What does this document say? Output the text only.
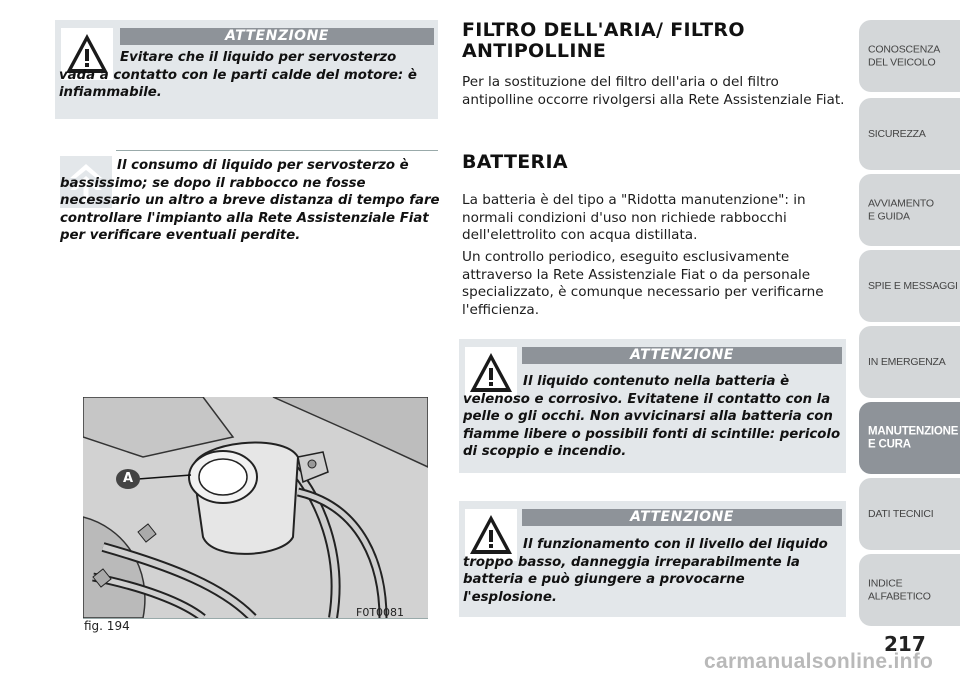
ATTENZIONE
Evitare che il liquido per servosterzo vada a contatto con le parti calde del motore: è infiammabile.
Il consumo di liquido per servosterzo è bassissimo; se dopo il rabbocco ne fosse necessario un altro a breve distanza di tempo fare controllare l'impianto alla Rete Assistenziale Fiat per verificare eventuali perdite.
A
fig. 194
F0T0081
FILTRO DELL'ARIA/ FILTRO ANTIPOLLINE
Per la sostituzione del filtro dell'aria o del filtro antipolline occorre rivolgersi alla Rete Assistenziale Fiat.
BATTERIA
La batteria è del tipo a "Ridotta manutenzione": in normali condizioni d'uso non richiede rabbocchi dell'elettrolito con acqua distillata.
Un controllo periodico, eseguito esclusivamente attraverso la Rete Assistenziale Fiat o da personale specializzato, è comunque necessario per verificarne l'efficienza.
ATTENZIONE
Il liquido contenuto nella batteria è velenoso e corrosivo. Evitatene il contatto con la pelle o gli occhi. Non avvicinarsi alla batteria con fiamme libere o possibili fonti di scintille: pericolo di scoppio e incendio.
ATTENZIONE
Il funzionamento con il livello del liquido troppo basso, danneggia irreparabilmente la batteria e può giungere a provocarne l'esplosione.
CONOSCENZA DEL VEICOLO
SICUREZZA
AVVIAMENTO E GUIDA
SPIE E MESSAGGI
IN EMERGENZA
MANUTENZIONE E CURA
DATI TECNICI
INDICE ALFABETICO
217
carmanualsonline.info
